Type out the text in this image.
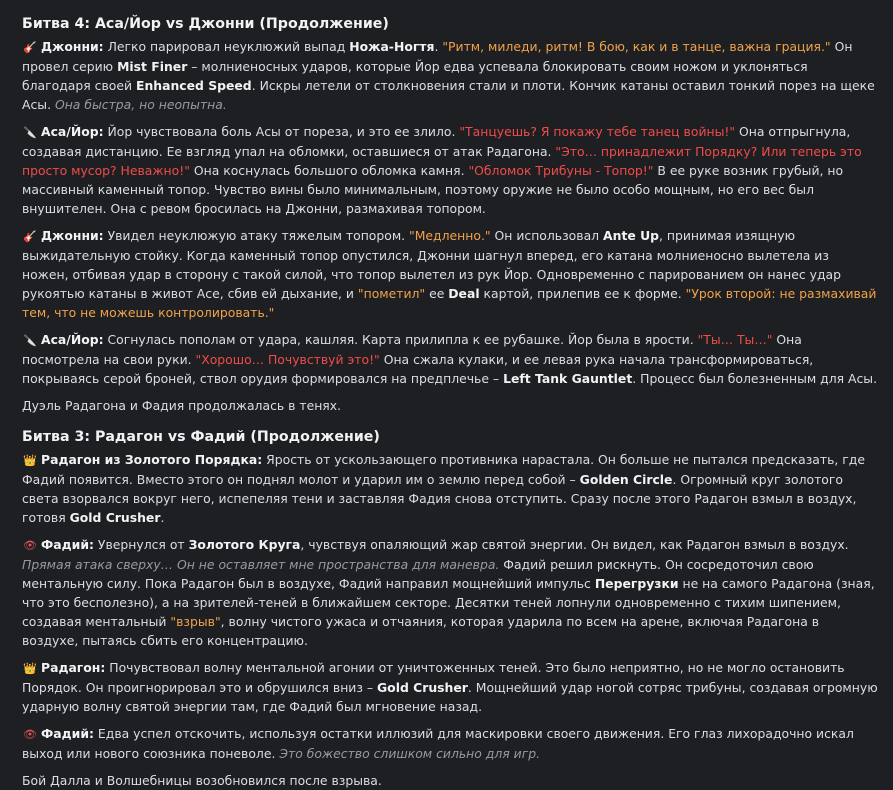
Битва 4: Аса/Йор vs Джонни (Продолжение)

🎸 Джонни: Легко парировал неуклюжий выпад Ножа-Ногтя. "Ритм, миледи, ритм! В бою, как и в танце, важна грация." Он провел серию Mist Finer – молниеносных ударов, которые Йор едва успевала блокировать своим ножом и уклоняться благодаря своей Enhanced Speed. Искры летели от столкновения стали и плоти. Кончик катаны оставил тонкий порез на щеке Асы. Она быстра, но неопытна.

🔪 Аса/Йор: Йор чувствовала боль Асы от пореза, и это ее злило. "Танцуешь? Я покажу тебе танец войны!" Она отпрыгнула, создавая дистанцию. Ее взгляд упал на обломки, оставшиеся от атак Радагона. "Это… принадлежит Порядку? Или теперь это просто мусор? Неважно!" Она коснулась большого обломка камня. "Обломок Трибуны - Топор!" В ее руке возник грубый, но массивный каменный топор. Чувство вины было минимальным, поэтому оружие не было особо мощным, но его вес был внушителен. Она с ревом бросилась на Джонни, размахивая топором.

🎸 Джонни: Увидел неуклюжую атаку тяжелым топором. "Медленно." Он использовал Ante Up, принимая изящную выжидательную стойку. Когда каменный топор опустился, Джонни шагнул вперед, его катана молниеносно вылетела из ножен, отбивая удар в сторону с такой силой, что топор вылетел из рук Йор. Одновременно с парированием он нанес удар рукоятью катаны в живот Асе, сбив ей дыхание, и "пометил" ее Deal картой, прилепив ее к форме. "Урок второй: не размахивай тем, что не можешь контролировать."

🔪 Аса/Йор: Согнулась пополам от удара, кашляя. Карта прилипла к ее рубашке. Йор была в ярости. "Ты… Ты…" Она посмотрела на свои руки. "Хорошо… Почувствуй это!" Она сжала кулаки, и ее левая рука начала трансформироваться, покрываясь серой броней, ствол орудия формировался на предплечье – Left Tank Gauntlet. Процесс был болезненным для Асы.

Дуэль Радагона и Фадия продолжалась в тенях.

Битва 3: Радагон vs Фадий (Продолжение)

👑 Радагон из Золотого Порядка: Ярость от ускользающего противника нарастала. Он больше не пытался предсказать, где Фадий появится. Вместо этого он поднял молот и ударил им о землю перед собой – Golden Circle. Огромный круг золотого света взорвался вокруг него, испепеляя тени и заставляя Фадия снова отступить. Сразу после этого Радагон взмыл в воздух, готовя Gold Crusher.

👁 Фадий: Увернулся от Золотого Круга, чувствуя опаляющий жар святой энергии. Он видел, как Радагон взмыл в воздух. Прямая атака сверху… Он не оставляет мне пространства для маневра. Фадий решил рискнуть. Он сосредоточил свою ментальную силу. Пока Радагон был в воздухе, Фадий направил мощнейший импульс Перегрузки не на самого Радагона (зная, что это бесполезно), а на зрителей-теней в ближайшем секторе. Десятки теней лопнули одновременно с тихим шипением, создавая ментальный "взрыв", волну чистого ужаса и отчаяния, которая ударила по всем на арене, включая Радагона в воздухе, пытаясь сбить его концентрацию.

👑 Радагон: Почувствовал волну ментальной агонии от уничтоженных теней. Это было неприятно, но не могло остановить Порядок. Он проигнорировал это и обрушился вниз – Gold Crusher. Мощнейший удар ногой сотряс трибуны, создавая огромную ударную волну святой энергии там, где Фадий был мгновение назад.

👁 Фадий: Едва успел отскочить, используя остатки иллюзий для маскировки своего движения. Его глаз лихорадочно искал выход или нового союзника поневоле. Это божество слишком сильно для игр.

Бой Далла и Волшебницы возобновился после взрыва.
